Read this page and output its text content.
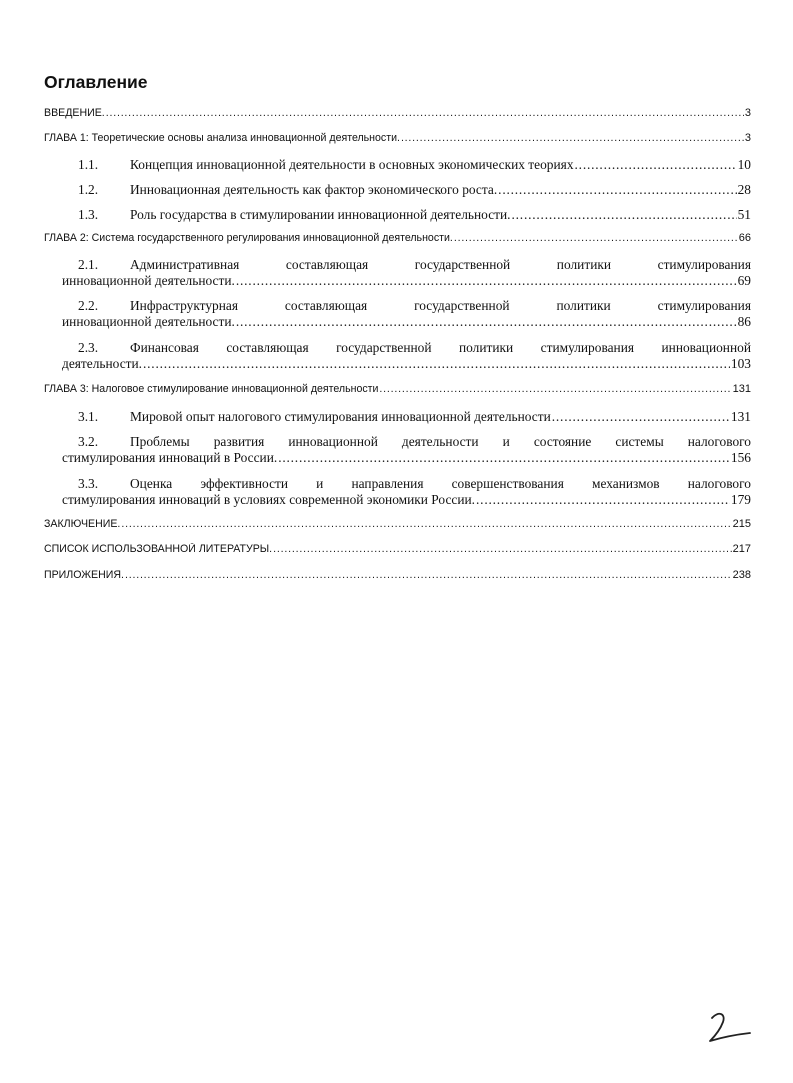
Оглавление
ВВЕДЕНИЕ. .....	3
ГЛАВА 1: Теоретические основы анализа инновационной деятельности. .....	3
1.1. Концепция инновационной деятельности в основных экономических теориях .....	10
1.2. Инновационная деятельность как фактор экономического роста. .....	28
1.3. Роль государства в стимулировании инновационной деятельности. .....	51
ГЛАВА 2: Система государственного регулирования инновационной деятельности. .....	66
2.1. Административная составляющая государственной политики стимулирования
инновационной деятельности. .....	69
2.2. Инфраструктурная составляющая государственной политики стимулирования
инновационной деятельности. .....	86
2.3. Финансовая составляющая государственной политики стимулирования инновационной
деятельности. .....	103
ГЛАВА 3: Налоговое стимулирование инновационной деятельности .....	131
3.1. Мировой опыт налогового стимулирования инновационной деятельности .....	131
3.2. Проблемы развития инновационной деятельности и состояние системы налогового
стимулирования инноваций в России. .....	156
3.3. Оценка эффективности и направления совершенствования механизмов налогового
стимулирования инноваций в условиях современной экономики России. .....	179
ЗАКЛЮЧЕНИЕ. .....	215
СПИСОК ИСПОЛЬЗОВАННОЙ ЛИТЕРАТУРЫ. .....	217
ПРИЛОЖЕНИЯ. .....	238
